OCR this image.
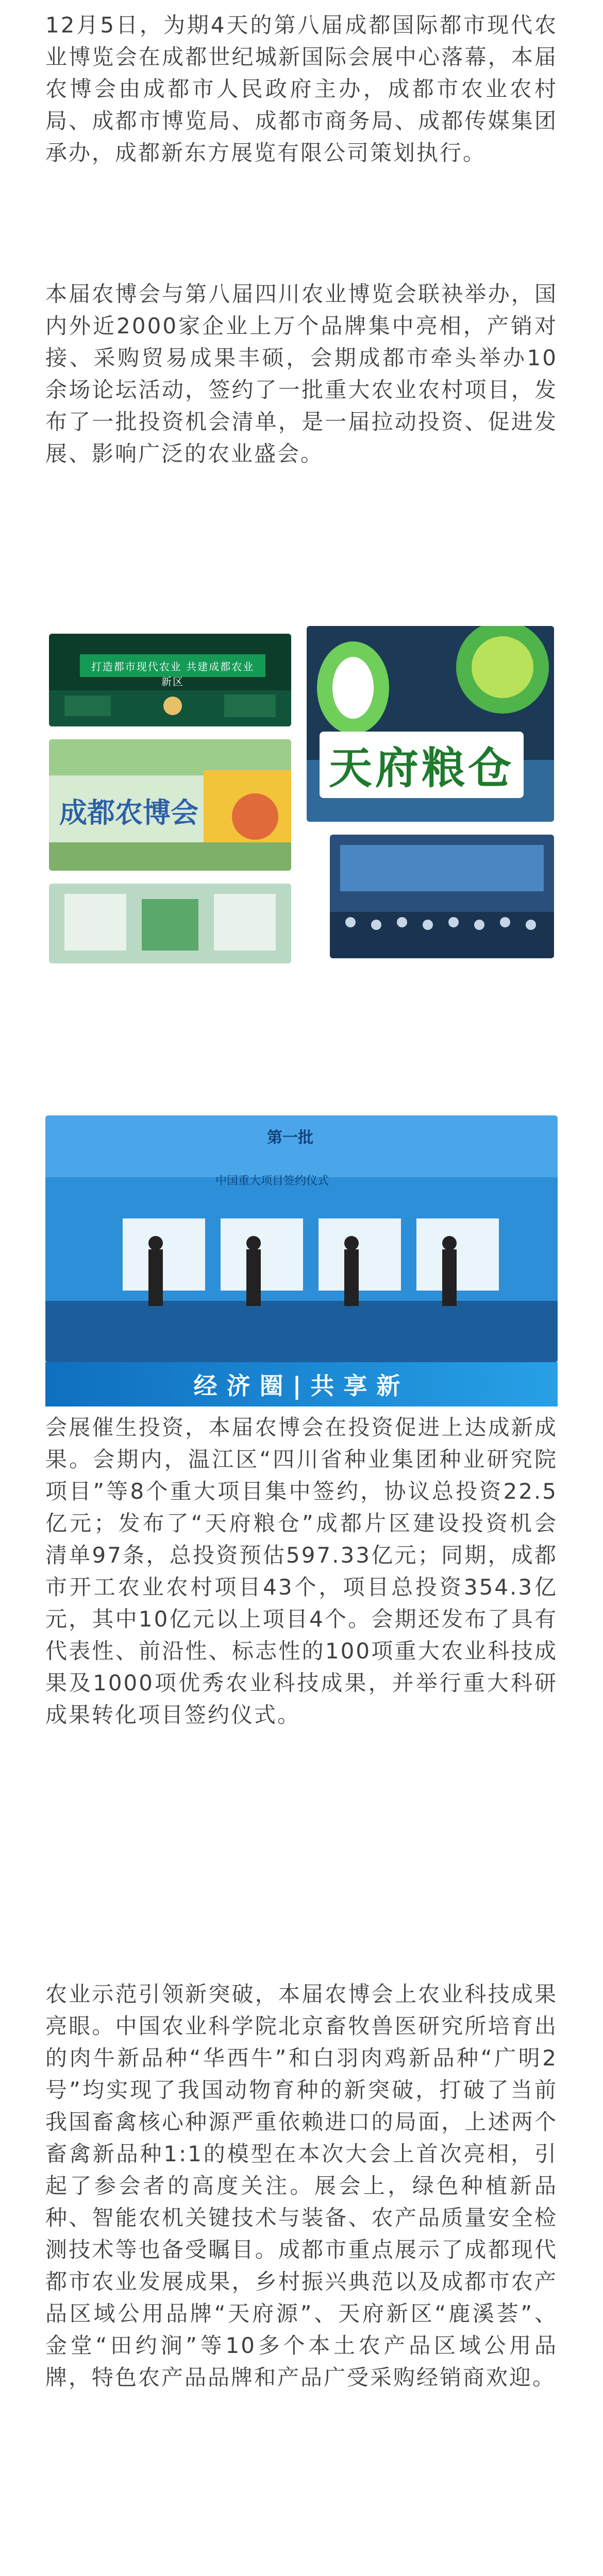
12月5日，为期4天的第八届成都国际都市现代农业博览会在成都世纪城新国际会展中心落幕，本届农博会由成都市人民政府主办，成都市农业农村局、成都市博览局、成都市商务局、成都传媒集团承办，成都新东方展览有限公司策划执行。

本届农博会与第八届四川农业博览会联袂举办，国内外近2000家企业上万个品牌集中亮相，产销对接、采购贸易成果丰硕，会期成都市牵头举办10余场论坛活动，签约了一批重大农业农村项目，发布了一批投资机会清单，是一届拉动投资、促进发展、影响广泛的农业盛会。

打造都市现代农业 共建成都农业新区
天府粮仓
成都农博会
第一批
中国重大项目签约仪式
经济圈|共享新

会展催生投资，本届农博会在投资促进上达成新成果。会期内，温江区“四川省种业集团种业研究院项目”等8个重大项目集中签约，协议总投资22.5亿元；发布了“天府粮仓”成都片区建设投资机会清单97条，总投资预估597.33亿元；同期，成都市开工农业农村项目43个，项目总投资354.3亿元，其中10亿元以上项目4个。会期还发布了具有代表性、前沿性、标志性的100项重大农业科技成果及1000项优秀农业科技成果，并举行重大科研成果转化项目签约仪式。

农业示范引领新突破，本届农博会上农业科技成果亮眼。中国农业科学院北京畜牧兽医研究所培育出的肉牛新品种“华西牛”和白羽肉鸡新品种“广明2号”均实现了我国动物育种的新突破，打破了当前我国畜禽核心种源严重依赖进口的局面，上述两个畜禽新品种1:1的模型在本次大会上首次亮相，引起了参会者的高度关注。展会上，绿色种植新品种、智能农机关键技术与装备、农产品质量安全检测技术等也备受瞩目。成都市重点展示了成都现代都市农业发展成果，乡村振兴典范以及成都市农产品区域公用品牌“天府源”、天府新区“鹿溪荟”、金堂“田约涧”等10多个本土农产品区域公用品牌，特色农产品品牌和产品广受采购经销商欢迎。
